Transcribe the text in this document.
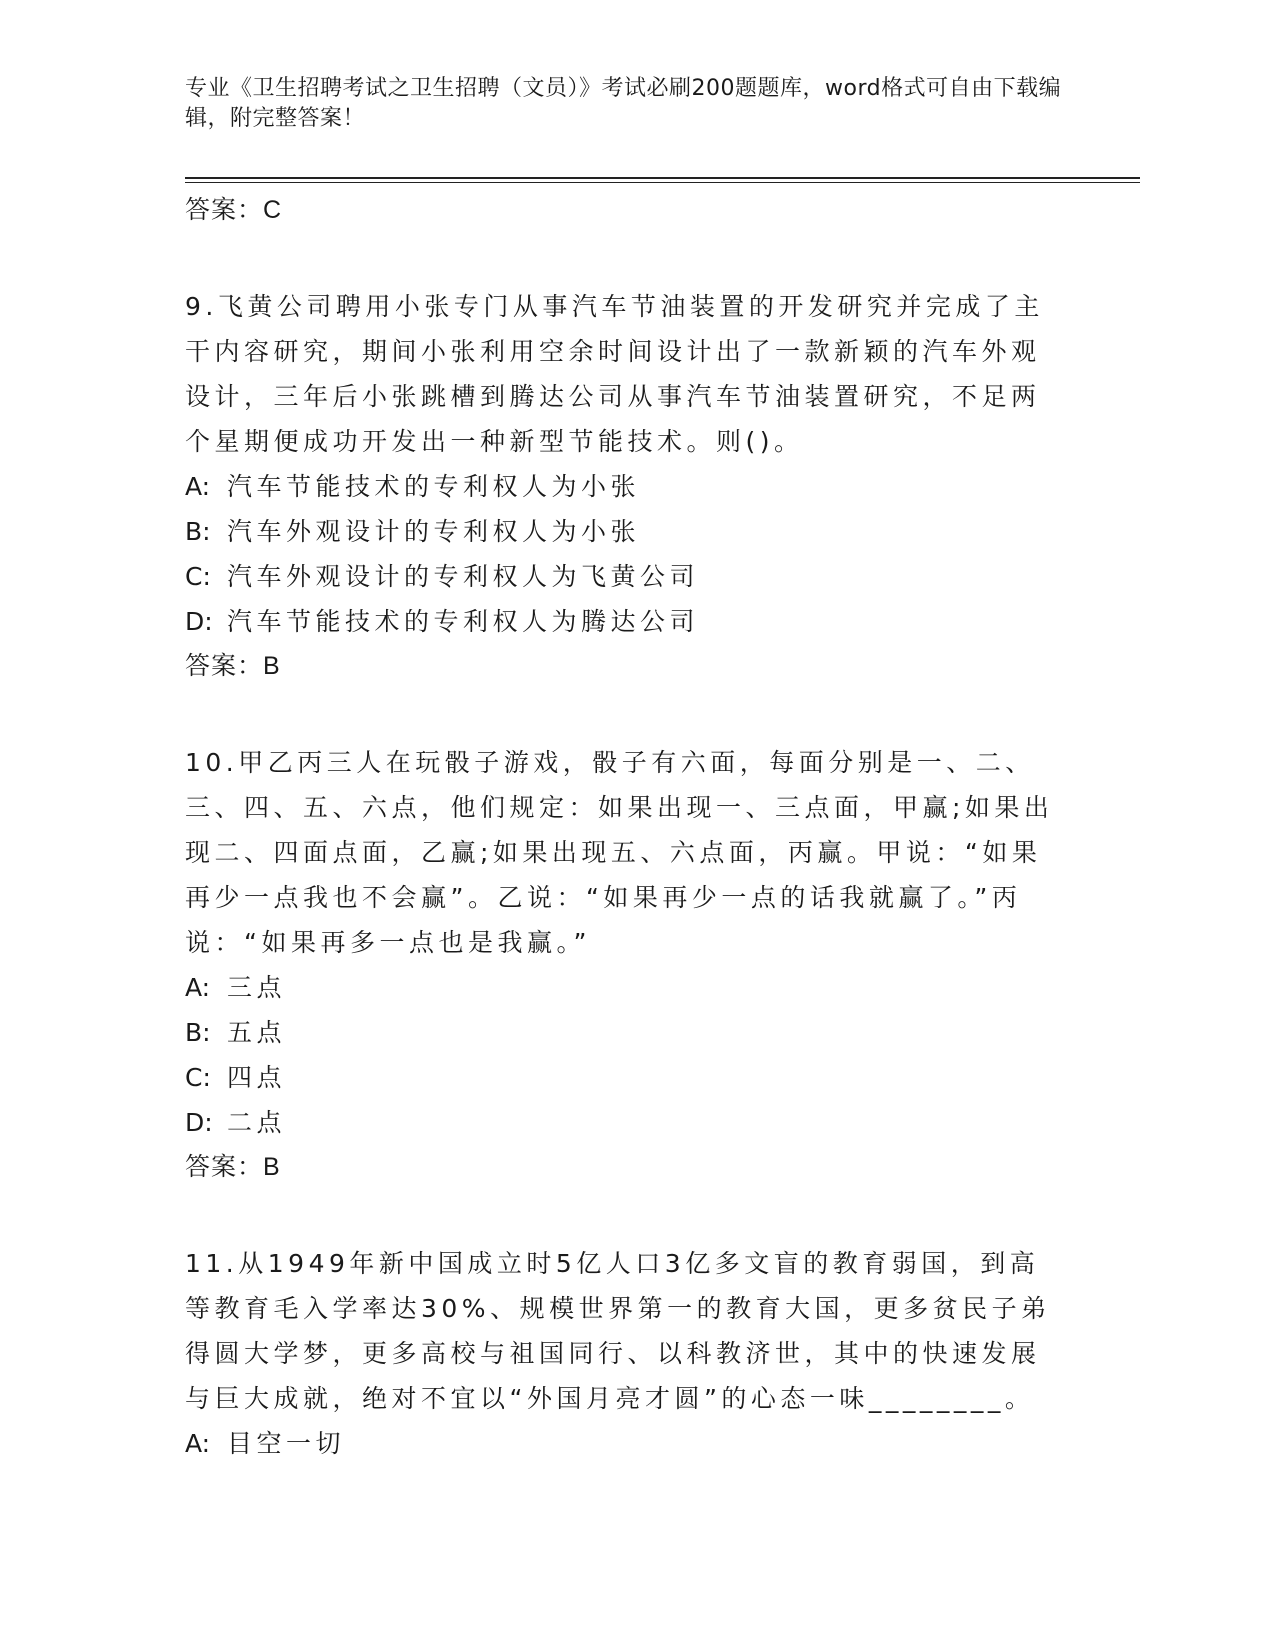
专业《卫生招聘考试之卫生招聘（文员）》考试必刷200题题库，word格式可自由下载编辑，附完整答案！
答案：C
9.飞黄公司聘用小张专门从事汽车节油装置的开发研究并完成了主干内容研究，期间小张利用空余时间设计出了一款新颖的汽车外观设计，三年后小张跳槽到腾达公司从事汽车节油装置研究，不足两个星期便成功开发出一种新型节能技术。则()。
A: 汽车节能技术的专利权人为小张
B: 汽车外观设计的专利权人为小张
C: 汽车外观设计的专利权人为飞黄公司
D: 汽车节能技术的专利权人为腾达公司
答案：B
10.甲乙丙三人在玩骰子游戏，骰子有六面，每面分别是一、二、三、四、五、六点，他们规定：如果出现一、三点面，甲赢;如果出现二、四面点面，乙赢;如果出现五、六点面，丙赢。甲说：“如果再少一点我也不会赢”。乙说：“如果再少一点的话我就赢了。”丙说：“如果再多一点也是我赢。”
A: 三点
B: 五点
C: 四点
D: 二点
答案：B
11.从1949年新中国成立时5亿人口3亿多文盲的教育弱国，到高等教育毛入学率达30%、规模世界第一的教育大国，更多贫民子弟得圆大学梦，更多高校与祖国同行、以科教济世，其中的快速发展与巨大成就，绝对不宜以“外国月亮才圆”的心态一味________。
A: 目空一切
